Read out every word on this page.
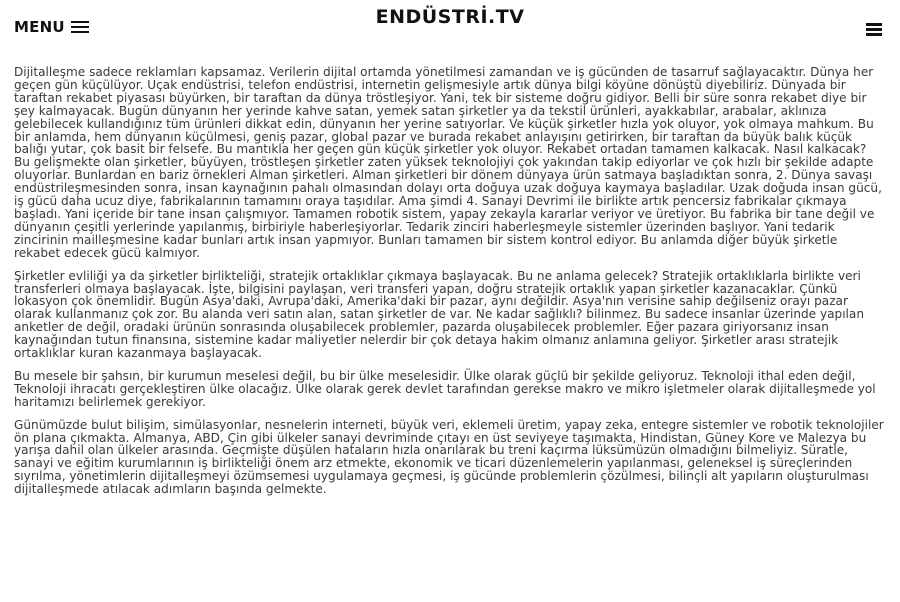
MENU	ENDÜSTRİ.TV

Dijitalleşme sadece reklamları kapsamaz. Verilerin dijital ortamda yönetilmesi zamandan ve iş gücünden de tasarruf sağlayacaktır. Dünya her geçen gün küçülüyor. Uçak endüstrisi, telefon endüstrisi, internetin gelişmesiyle artık dünya bilgi köyüne dönüştü diyebiliriz. Dünyada bir taraftan rekabet piyasası büyürken, bir taraftan da dünya tröstleşiyor. Yani, tek bir sisteme doğru gidiyor. Belli bir süre sonra rekabet diye bir şey kalmayacak. Bugün dünyanın her yerinde kahve satan, yemek satan şirketler ya da tekstil ürünleri, ayakkabılar, arabalar, aklınıza gelebilecek kullandığınız tüm ürünleri dikkat edin, dünyanın her yerine satıyorlar. Ve küçük şirketler hızla yok oluyor, yok olmaya mahkum. Bu bir anlamda, hem dünyanın küçülmesi, geniş pazar, global pazar ve burada rekabet anlayışını getirirken, bir taraftan da büyük balık küçük balığı yutar, çok basit bir felsefe. Bu mantıkla her geçen gün küçük şirketler yok oluyor. Rekabet ortadan tamamen kalkacak. Nasıl kalkacak? Bu gelişmekte olan şirketler, büyüyen, tröstleşen şirketler zaten yüksek teknolojiyi çok yakından takip ediyorlar ve çok hızlı bir şekilde adapte oluyorlar. Bunlardan en bariz örnekleri Alman şirketleri. Alman şirketleri bir dönem dünyaya ürün satmaya başladıktan sonra, 2. Dünya savaşı endüstrileşmesinden sonra, insan kaynağının pahalı olmasından dolayı orta doğuya uzak doğuya kaymaya başladılar. Uzak doğuda insan gücü, iş gücü daha ucuz diye, fabrikalarının tamamını oraya taşıdılar. Ama şimdi 4. Sanayi Devrimi ile birlikte artık pencersiz fabrikalar çıkmaya başladı. Yani içeride bir tane insan çalışmıyor. Tamamen robotik sistem, yapay zekayla kararlar veriyor ve üretiyor. Bu fabrika bir tane değil ve dünyanın çeşitli yerlerinde yapılanmış, birbiriyle haberleşiyorlar. Tedarik zinciri haberleşmeyle sistemler üzerinden başlıyor. Yani tedarik zincirinin mailleşmesine kadar bunları artık insan yapmıyor. Bunları tamamen bir sistem kontrol ediyor. Bu anlamda diğer büyük şirketle rekabet edecek gücü kalmıyor.

Şirketler evliliği ya da şirketler birlikteliği, stratejik ortaklıklar çıkmaya başlayacak. Bu ne anlama gelecek? Stratejik ortaklıklarla birlikte veri transferleri olmaya başlayacak. İşte, bilgisini paylaşan, veri transferi yapan, doğru stratejik ortaklık yapan şirketler kazanacaklar. Çünkü lokasyon çok önemlidir. Bugün Asya'daki, Avrupa'daki, Amerika'daki bir pazar, aynı değildir. Asya'nın verisine sahip değilseniz orayı pazar olarak kullanmanız çok zor. Bu alanda veri satın alan, satan şirketler de var. Ne kadar sağlıklı? bilinmez. Bu sadece insanlar üzerinde yapılan anketler de değil, oradaki ürünün sonrasında oluşabilecek problemler, pazarda oluşabilecek problemler. Eğer pazara giriyorsanız insan kaynağından tutun finansına, sistemine kadar maliyetler nelerdir bir çok detaya hakim olmanız anlamına geliyor. Şirketler arası stratejik ortaklıklar kuran kazanmaya başlayacak.

Bu mesele bir şahsın, bir kurumun meselesi değil, bu bir ülke meselesidir. Ülke olarak güçlü bir şekilde geliyoruz. Teknoloji ithal eden değil, Teknoloji ihracatı gerçekleştiren ülke olacağız. Ülke olarak gerek devlet tarafından gerekse makro ve mikro işletmeler olarak dijitalleşmede yol haritamızı belirlemek gerekiyor.

Günümüzde bulut bilişim, simülasyonlar, nesnelerin interneti, büyük veri, eklemeli üretim, yapay zeka, entegre sistemler ve robotik teknolojiler ön plana çıkmakta. Almanya, ABD, Çin gibi ülkeler sanayi devriminde çıtayı en üst seviyeye taşımakta, Hindistan, Güney Kore ve Malezya bu yarışa dahil olan ülkeler arasında. Geçmişte düşülen hataların hızla onarılarak bu treni kaçırma lüksümüzün olmadığını bilmeliyiz. Süratle, sanayi ve eğitim kurumlarının iş birlikteliği önem arz etmekte, ekonomik ve ticari düzenlemelerin yapılanması, geleneksel iş süreçlerinden sıyrılma, yönetimlerin dijitalleşmeyi özümsemesi uygulamaya geçmesi, iş gücünde problemlerin çözülmesi, bilinçli alt yapıların oluşturulması dijitalleşmede atılacak adımların başında gelmekte.
